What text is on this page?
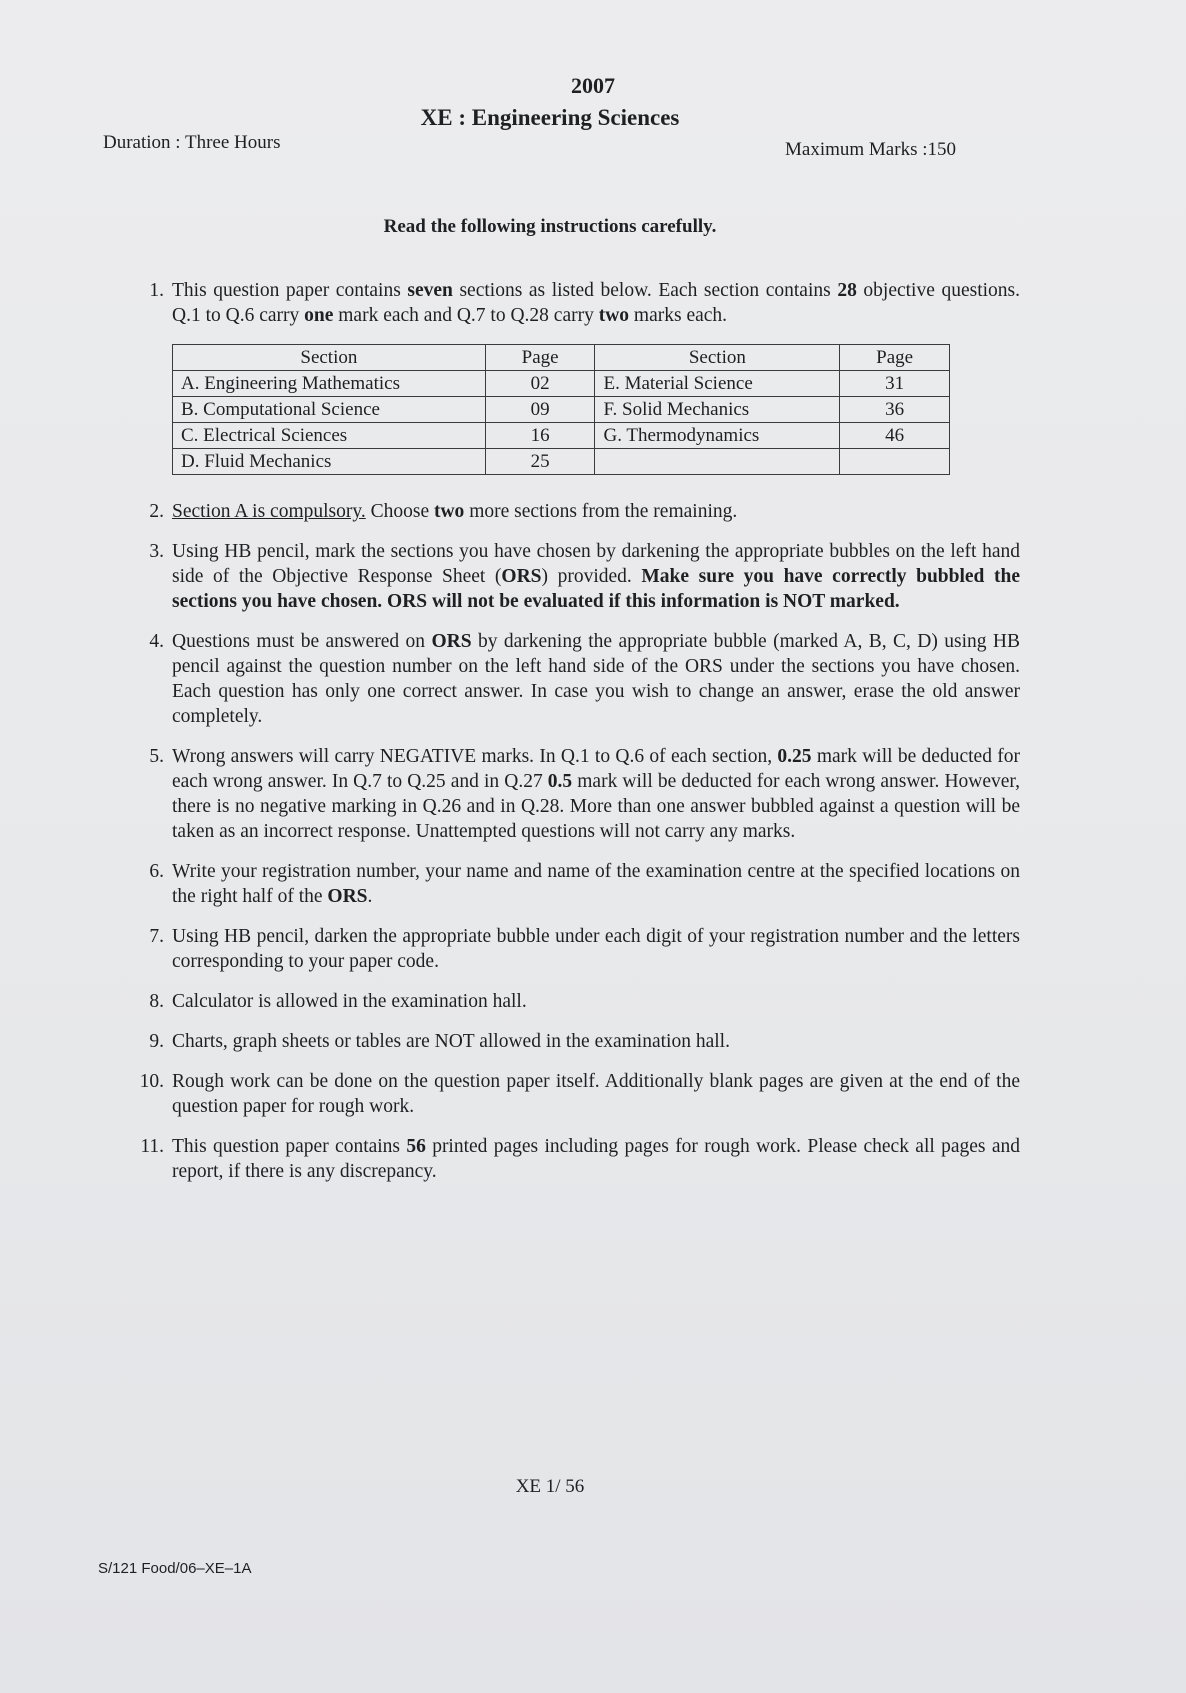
2007
XE : Engineering Sciences
Duration : Three Hours	Maximum Marks :150
Read the following instructions carefully.
1. This question paper contains seven sections as listed below. Each section contains 28 objective questions. Q.1 to Q.6 carry one mark each and Q.7 to Q.28 carry two marks each.
Section	Page	Section	Page
A. Engineering Mathematics	02	E. Material Science	31
B. Computational Science	09	F. Solid Mechanics	36
C. Electrical Sciences	16	G. Thermodynamics	46
D. Fluid Mechanics	25		
2. Section A is compulsory. Choose two more sections from the remaining.
3. Using HB pencil, mark the sections you have chosen by darkening the appropriate bubbles on the left hand side of the Objective Response Sheet (ORS) provided. Make sure you have correctly bubbled the sections you have chosen. ORS will not be evaluated if this information is NOT marked.
4. Questions must be answered on ORS by darkening the appropriate bubble (marked A, B, C, D) using HB pencil against the question number on the left hand side of the ORS under the sections you have chosen. Each question has only one correct answer. In case you wish to change an answer, erase the old answer completely.
5. Wrong answers will carry NEGATIVE marks. In Q.1 to Q.6 of each section, 0.25 mark will be deducted for each wrong answer. In Q.7 to Q.25 and in Q.27 0.5 mark will be deducted for each wrong answer. However, there is no negative marking in Q.26 and in Q.28. More than one answer bubbled against a question will be taken as an incorrect response. Unattempted questions will not carry any marks.
6. Write your registration number, your name and name of the examination centre at the specified locations on the right half of the ORS.
7. Using HB pencil, darken the appropriate bubble under each digit of your registration number and the letters corresponding to your paper code.
8. Calculator is allowed in the examination hall.
9. Charts, graph sheets or tables are NOT allowed in the examination hall.
10. Rough work can be done on the question paper itself. Additionally blank pages are given at the end of the question paper for rough work.
11. This question paper contains 56 printed pages including pages for rough work. Please check all pages and report, if there is any discrepancy.
XE 1/ 56
S/121 Food/06–XE–1A
